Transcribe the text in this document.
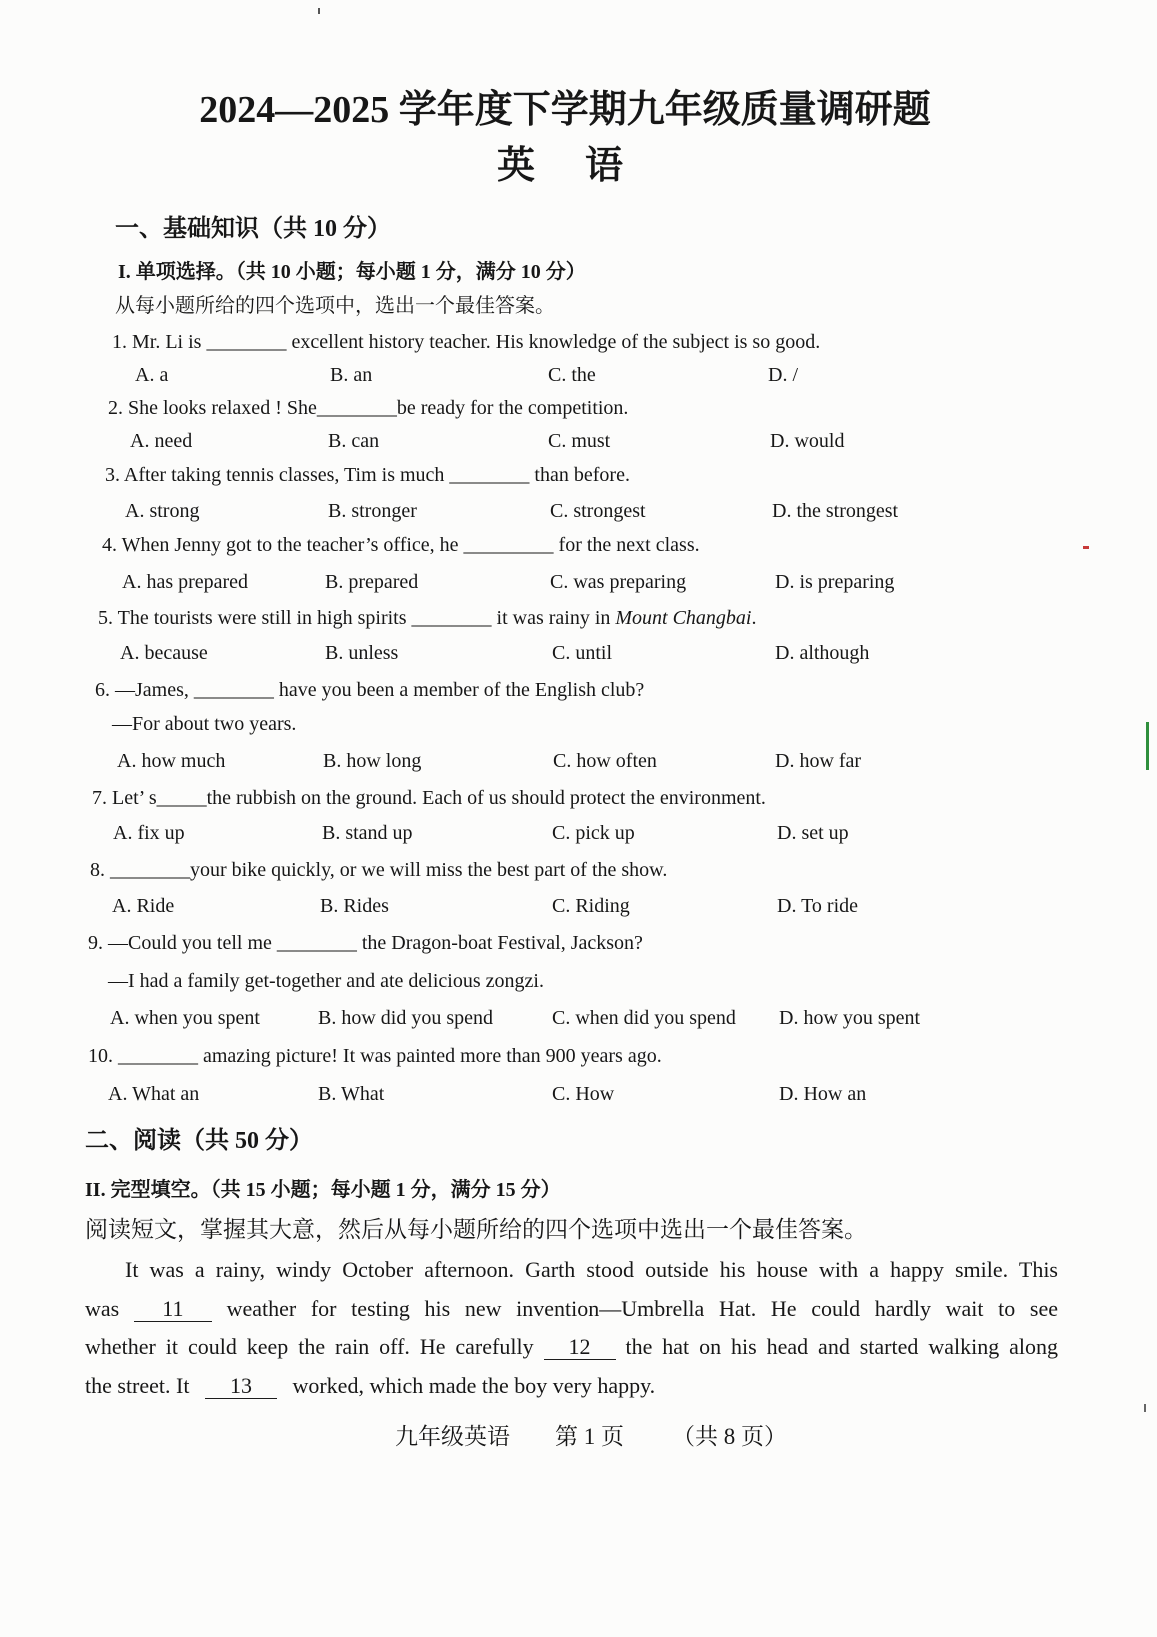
2024—2025 学年度下学期九年级质量调研题
英　语
一、基础知识（共 10 分）
I. 单项选择。（共 10 小题；每小题 1 分，满分 10 分）
从每小题所给的四个选项中，选出一个最佳答案。
1. Mr. Li is ________ excellent history teacher. His knowledge of the subject is so good.
A. a	B. an	C. the	D. /
2. She looks relaxed ! She________be ready for the competition.
A. need	B. can	C. must	D. would
3. After taking tennis classes, Tim is much ________ than before.
A. strong	B. stronger	C. strongest	D. the strongest
4. When Jenny got to the teacher’s office, he _________ for the next class.
A. has prepared	B. prepared	C. was preparing	D. is preparing
5. The tourists were still in high spirits ________ it was rainy in Mount Changbai.
A. because	B. unless	C. until	D. although
6. —James, ________ have you been a member of the English club?
—For about two years.
A. how much	B. how long	C. how often	D. how far
7. Let’ s_____the rubbish on the ground. Each of us should protect the environment.
A. fix up	B. stand up	C. pick up	D. set up
8. ________your bike quickly, or we will miss the best part of the show.
A. Ride	B. Rides	C. Riding	D. To ride
9. —Could you tell me ________ the Dragon-boat Festival, Jackson?
—I had a family get-together and ate delicious zongzi.
A. when you spent	B. how did you spend	C. when did you spend D. how you spent
10. ________ amazing picture! It was painted more than 900 years ago.
A. What an	B. What	C. How	D. How an
二、阅读（共 50 分）
II. 完型填空。（共 15 小题；每小题 1 分，满分 15 分）
阅读短文，掌握其大意，然后从每小题所给的四个选项中选出一个最佳答案。
It was a rainy, windy October afternoon. Garth stood outside his house with a happy smile. This
was 11 weather for testing his new invention—Umbrella Hat. He could hardly wait to see
whether it could keep the rain off. He carefully 12 the hat on his head and started walking along
the street. It 13 worked, which made the boy very happy.
九年级英语 第 1 页 （共 8 页）
